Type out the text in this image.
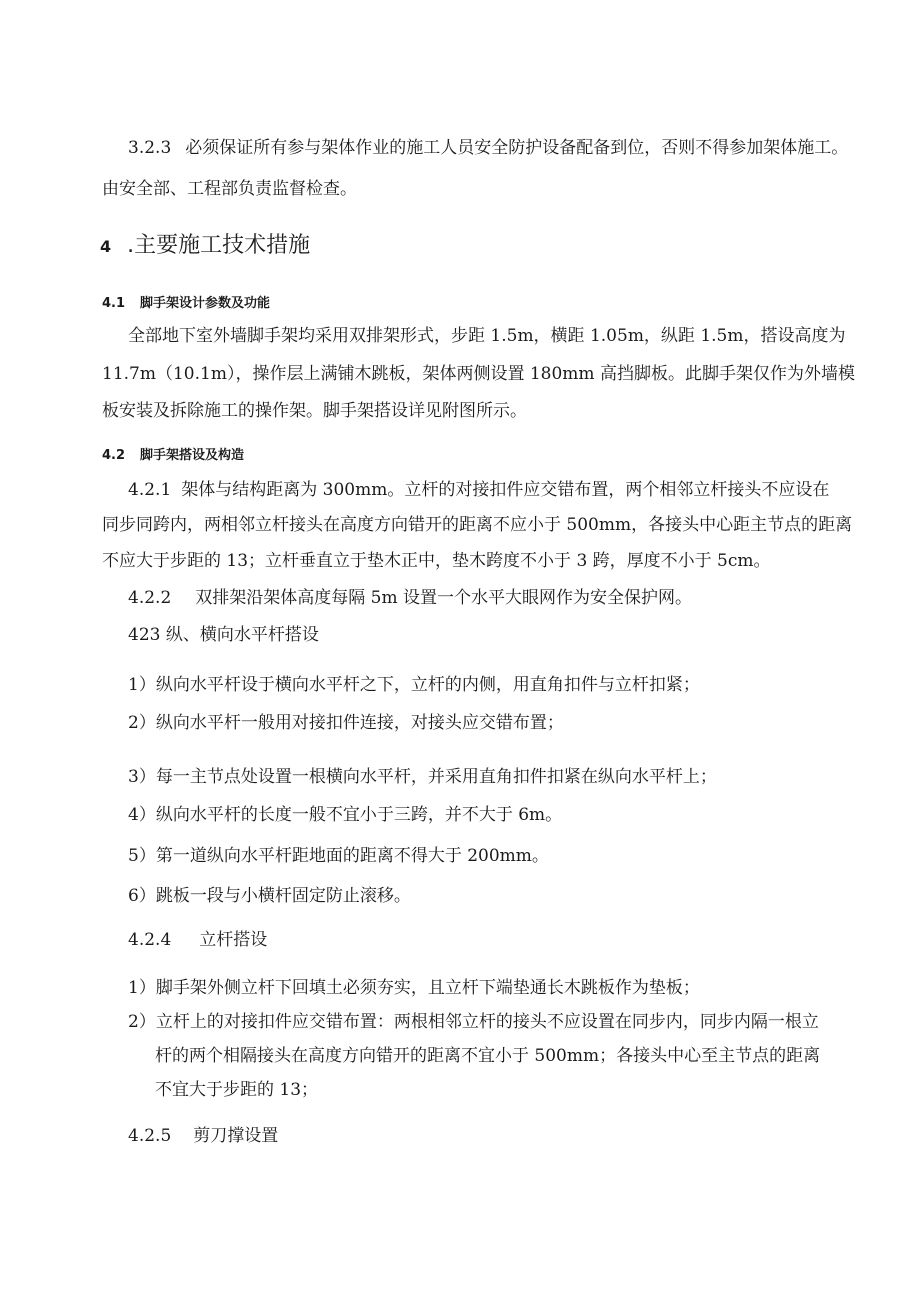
3.2.3 必须保证所有参与架体作业的施工人员安全防护设备配备到位，否则不得参加架体施工。
由安全部、工程部负责监督检查。
4 .主要施工技术措施
4.1 脚手架设计参数及功能
全部地下室外墙脚手架均采用双排架形式，步距 1.5m，横距 1.05m，纵距 1.5m，搭设高度为
11.7m（10.1m），操作层上满铺木跳板，架体两侧设置 180mm 高挡脚板。此脚手架仅作为外墙模
板安装及拆除施工的操作架。脚手架搭设详见附图所示。
4.2 脚手架搭设及构造
4.2.1 架体与结构距离为 300mm。立杆的对接扣件应交错布置，两个相邻立杆接头不应设在
同步同跨内，两相邻立杆接头在高度方向错开的距离不应小于 500mm，各接头中心距主节点的距离
不应大于步距的 13；立杆垂直立于垫木正中，垫木跨度不小于 3 跨，厚度不小于 5cm。
4.2.2 双排架沿架体高度每隔 5m 设置一个水平大眼网作为安全保护网。
423 纵、横向水平杆搭设
1）纵向水平杆设于横向水平杆之下，立杆的内侧，用直角扣件与立杆扣紧；
2）纵向水平杆一般用对接扣件连接，对接头应交错布置；
3）每一主节点处设置一根横向水平杆，并采用直角扣件扣紧在纵向水平杆上；
4）纵向水平杆的长度一般不宜小于三跨，并不大于 6m。
5）第一道纵向水平杆距地面的距离不得大于 200mm。
6）跳板一段与小横杆固定防止滚移。
4.2.4 立杆搭设
1）脚手架外侧立杆下回填土必须夯实，且立杆下端垫通长木跳板作为垫板；
2）立杆上的对接扣件应交错布置：两根相邻立杆的接头不应设置在同步内，同步内隔一根立
杆的两个相隔接头在高度方向错开的距离不宜小于 500mm；各接头中心至主节点的距离
不宜大于步距的 13；
4.2.5 剪刀撑设置
